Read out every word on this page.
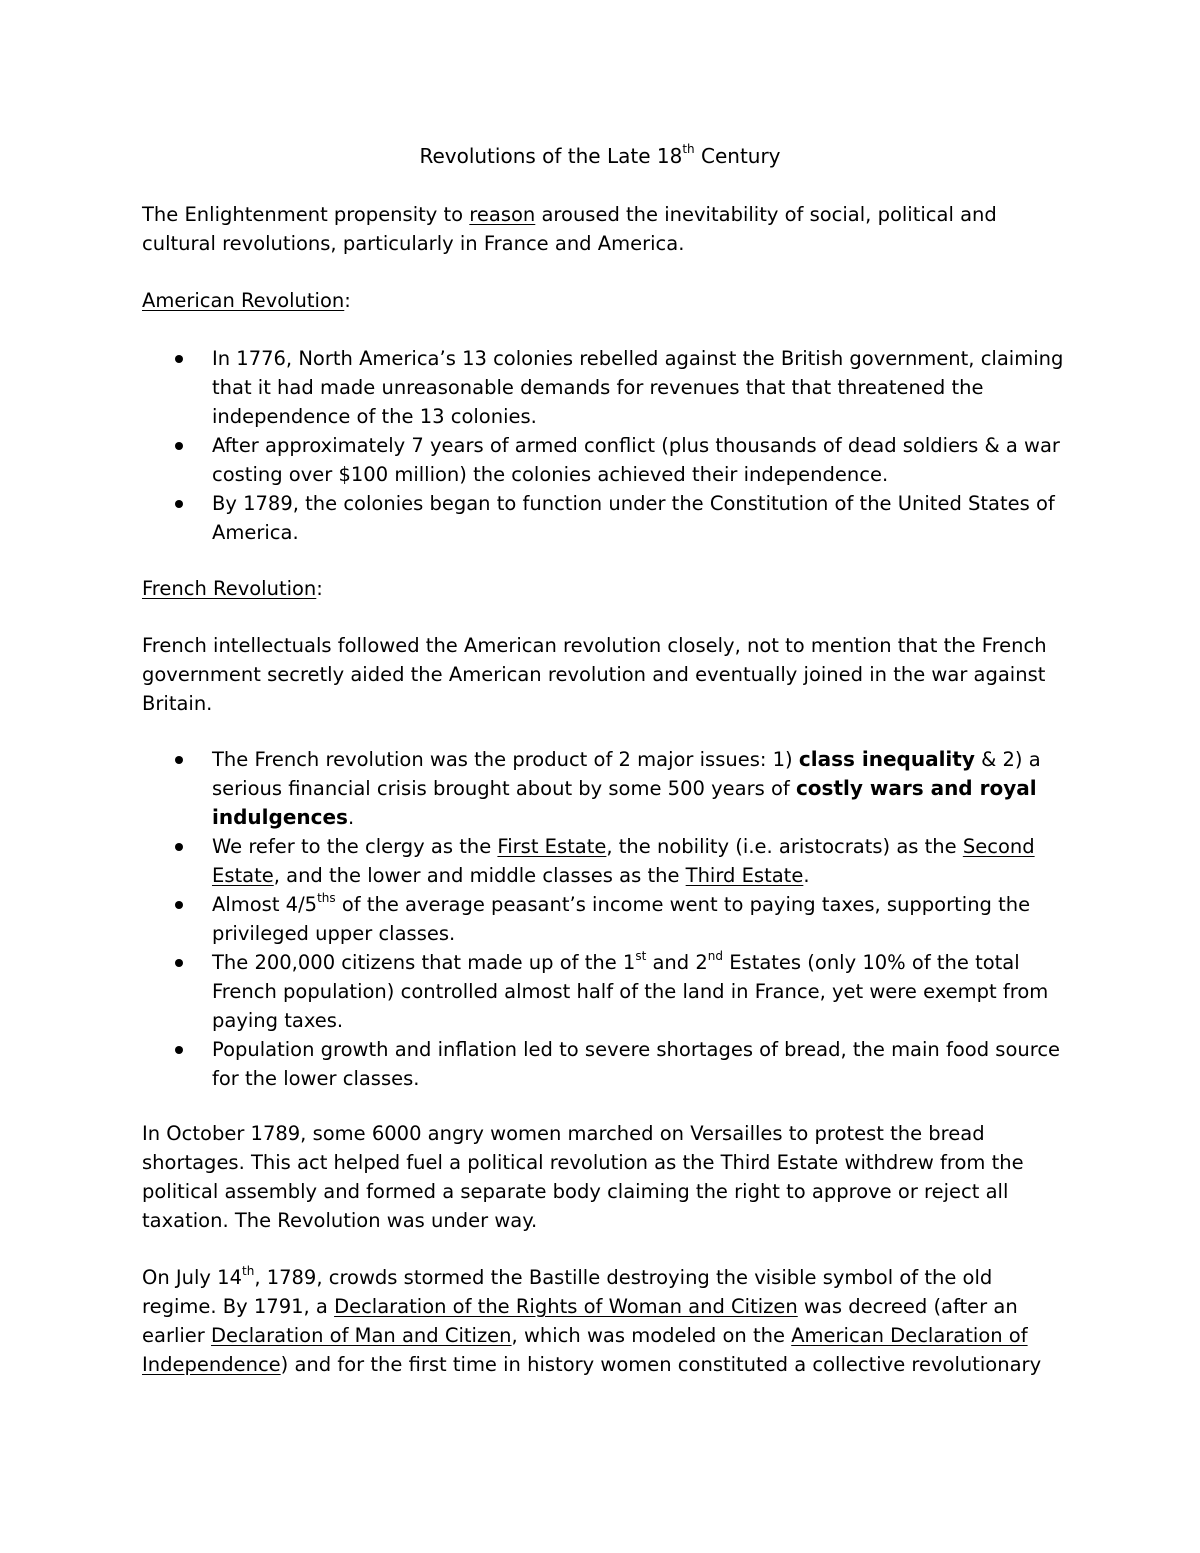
Revolutions of the Late 18th Century

The Enlightenment propensity to reason aroused the inevitability of social, political and cultural revolutions, particularly in France and America.

American Revolution:

In 1776, North America’s 13 colonies rebelled against the British government, claiming that it had made unreasonable demands for revenues that that threatened the independence of the 13 colonies.
After approximately 7 years of armed conflict (plus thousands of dead soldiers & a war costing over $100 million) the colonies achieved their independence.
By 1789, the colonies began to function under the Constitution of the United States of America.

French Revolution:

French intellectuals followed the American revolution closely, not to mention that the French government secretly aided the American revolution and eventually joined in the war against Britain.

The French revolution was the product of 2 major issues: 1) class inequality & 2) a serious financial crisis brought about by some 500 years of costly wars and royal indulgences.
We refer to the clergy as the First Estate, the nobility (i.e. aristocrats) as the Second Estate, and the lower and middle classes as the Third Estate.
Almost $4/5^{ths}$ of the average peasant’s income went to paying taxes, supporting the privileged upper classes.
The 200,000 citizens that made up of the 1st and 2nd Estates (only 10% of the total French population) controlled almost half of the land in France, yet were exempt from paying taxes.
Population growth and inflation led to severe shortages of bread, the main food source for the lower classes.

In October 1789, some 6000 angry women marched on Versailles to protest the bread shortages. This act helped fuel a political revolution as the Third Estate withdrew from the political assembly and formed a separate body claiming the right to approve or reject all taxation. The Revolution was under way.

On July 14th, 1789, crowds stormed the Bastille destroying the visible symbol of the old regime. By 1791, a Declaration of the Rights of Woman and Citizen was decreed (after an earlier Declaration of Man and Citizen, which was modeled on the American Declaration of Independence) and for the first time in history women constituted a collective revolutionary
